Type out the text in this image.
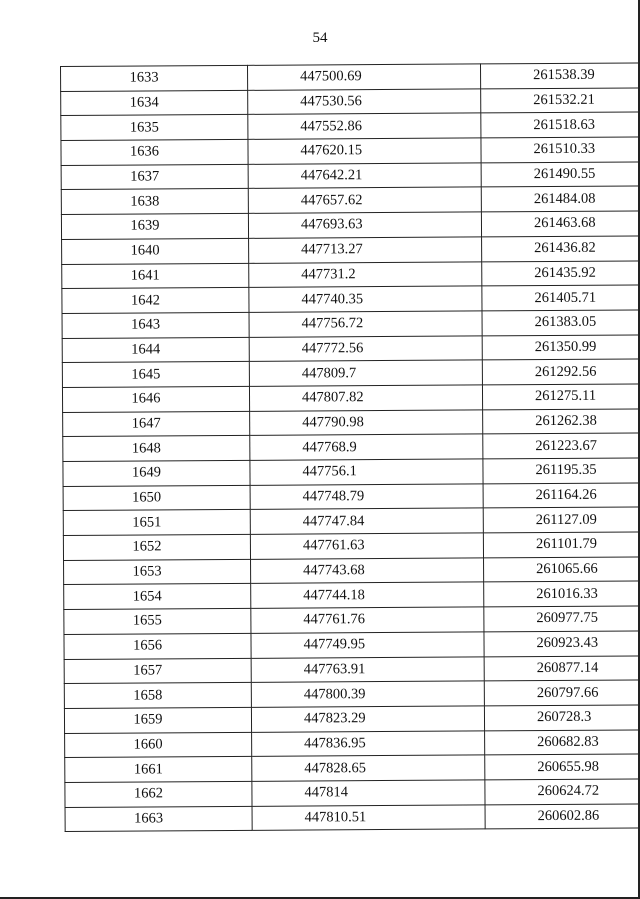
54
1633	447500.69	261538.39
1634	447530.56	261532.21
1635	447552.86	261518.63
1636	447620.15	261510.33
1637	447642.21	261490.55
1638	447657.62	261484.08
1639	447693.63	261463.68
1640	447713.27	261436.82
1641	447731.2	261435.92
1642	447740.35	261405.71
1643	447756.72	261383.05
1644	447772.56	261350.99
1645	447809.7	261292.56
1646	447807.82	261275.11
1647	447790.98	261262.38
1648	447768.9	261223.67
1649	447756.1	261195.35
1650	447748.79	261164.26
1651	447747.84	261127.09
1652	447761.63	261101.79
1653	447743.68	261065.66
1654	447744.18	261016.33
1655	447761.76	260977.75
1656	447749.95	260923.43
1657	447763.91	260877.14
1658	447800.39	260797.66
1659	447823.29	260728.3
1660	447836.95	260682.83
1661	447828.65	260655.98
1662	447814	260624.72
1663	447810.51	260602.86
